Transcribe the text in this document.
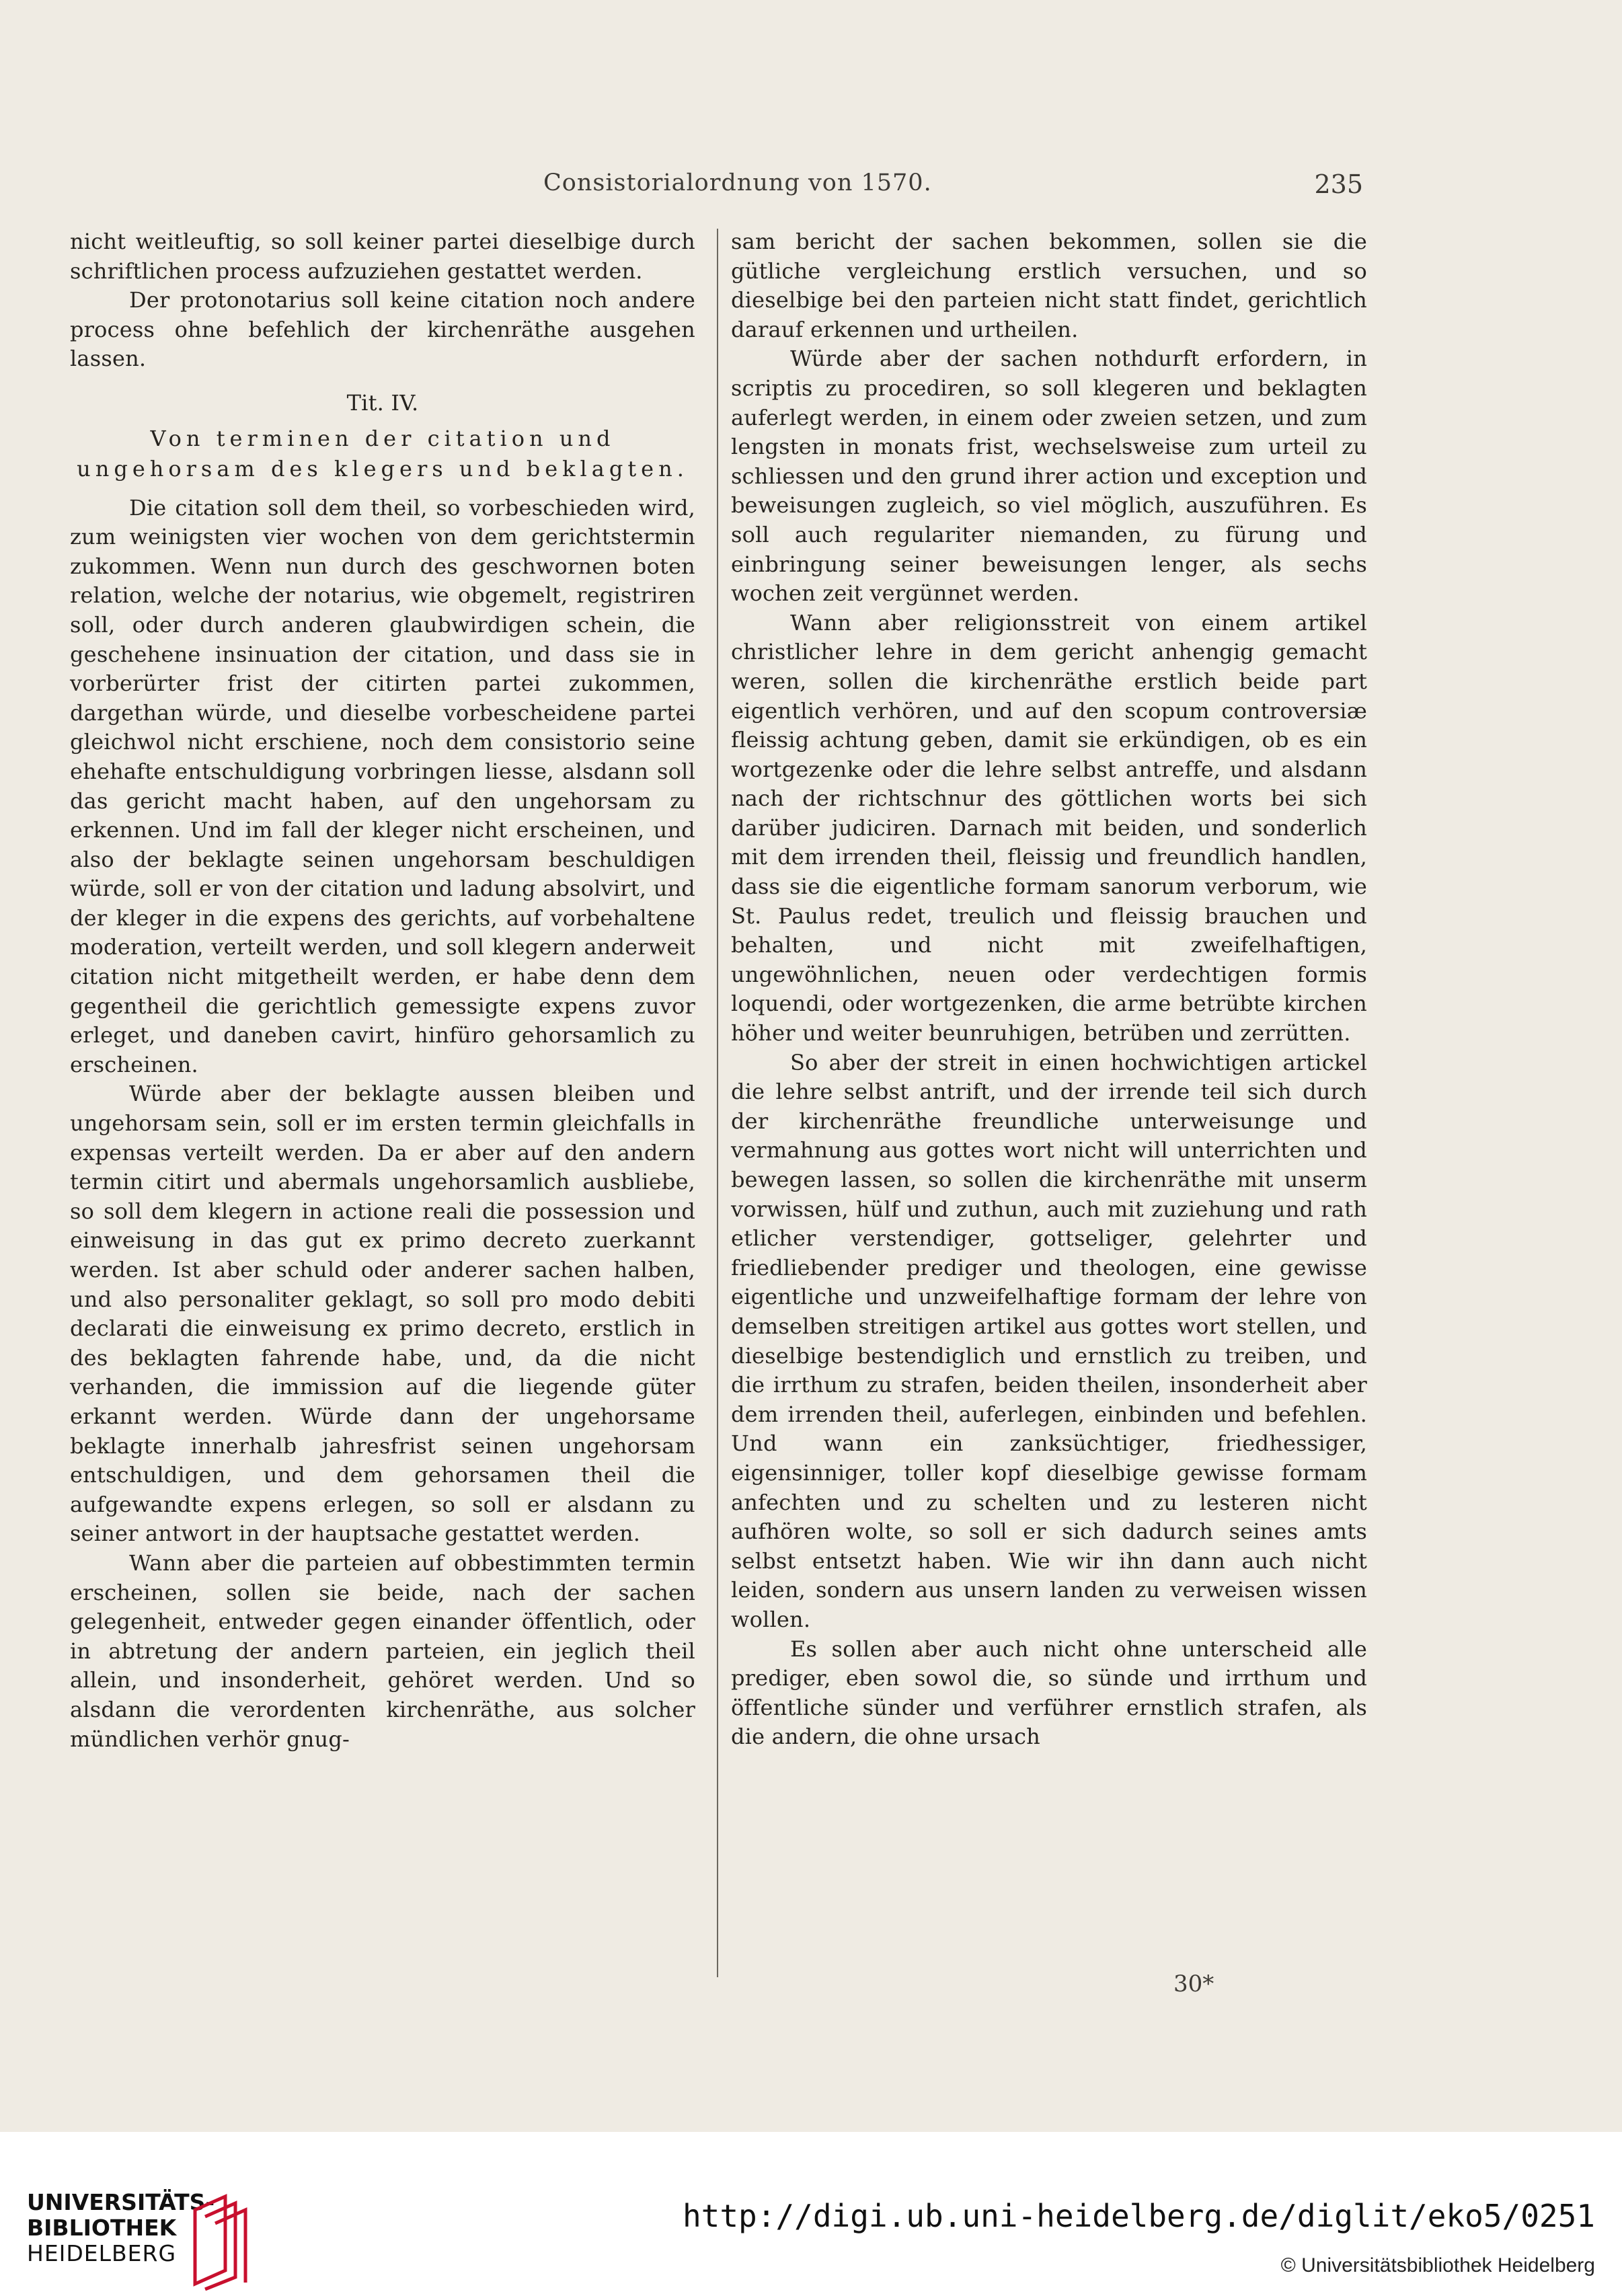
Consistorialordnung von 1570.	235

nicht weitleuftig, so soll keiner partei dieselbige durch schriftlichen process aufzuziehen gestattet werden.

Der protonotarius soll keine citation noch andere process ohne befehlich der kirchenräthe ausgehen lassen.

Tit. IV.
Von terminen der citation und ungehorsam des klegers und beklagten.

Die citation soll dem theil, so vorbeschieden wird, zum weinigsten vier wochen von dem gerichtstermin zukommen. Wenn nun durch des geschwornen boten relation, welche der notarius, wie obgemelt, registriren soll, oder durch anderen glaubwirdigen schein, die geschehene insinuation der citation, und dass sie in vorberürter frist der citirten partei zukommen, dargethan würde, und dieselbe vorbescheidene partei gleichwol nicht erschiene, noch dem consistorio seine ehehafte entschuldigung vorbringen liesse, alsdann soll das gericht macht haben, auf den ungehorsam zu erkennen. Und im fall der kleger nicht erscheinen, und also der beklagte seinen ungehorsam beschuldigen würde, soll er von der citation und ladung absolvirt, und der kleger in die expens des gerichts, auf vorbehaltene moderation, verteilt werden, und soll klegern anderweit citation nicht mitgetheilt werden, er habe denn dem gegentheil die gerichtlich gemessigte expens zuvor erleget, und daneben cavirt, hinfüro gehorsamlich zu erscheinen.

Würde aber der beklagte aussen bleiben und ungehorsam sein, soll er im ersten termin gleichfalls in expensas verteilt werden. Da er aber auf den andern termin citirt und abermals ungehorsamlich ausbliebe, so soll dem klegern in actione reali die possession und einweisung in das gut ex primo decreto zuerkannt werden. Ist aber schuld oder anderer sachen halben, und also personaliter geklagt, so soll pro modo debiti declarati die einweisung ex primo decreto, erstlich in des beklagten fahrende habe, und, da die nicht verhanden, die immission auf die liegende güter erkannt werden. Würde dann der ungehorsame beklagte innerhalb jahresfrist seinen ungehorsam entschuldigen, und dem gehorsamen theil die aufgewandte expens erlegen, so soll er alsdann zu seiner antwort in der hauptsache gestattet werden.

Wann aber die parteien auf obbestimmten termin erscheinen, sollen sie beide, nach der sachen gelegenheit, entweder gegen einander öffentlich, oder in abtretung der andern parteien, ein jeglich theil allein, und insonderheit, gehöret werden. Und so alsdann die verordenten kirchenräthe, aus solcher mündlichen verhör gnug-

sam bericht der sachen bekommen, sollen sie die gütliche vergleichung erstlich versuchen, und so dieselbige bei den parteien nicht statt findet, gerichtlich darauf erkennen und urtheilen.

Würde aber der sachen nothdurft erfordern, in scriptis zu procediren, so soll klegeren und beklagten auferlegt werden, in einem oder zweien setzen, und zum lengsten in monats frist, wechselsweise zum urteil zu schliessen und den grund ihrer action und exception und beweisungen zugleich, so viel möglich, auszuführen. Es soll auch regulariter niemanden, zu fürung und einbringung seiner beweisungen lenger, als sechs wochen zeit vergünnet werden.

Wann aber religionsstreit von einem artikel christlicher lehre in dem gericht anhengig gemacht weren, sollen die kirchenräthe erstlich beide part eigentlich verhören, und auf den scopum controversiæ fleissig achtung geben, damit sie erkündigen, ob es ein wortgezenke oder die lehre selbst antreffe, und alsdann nach der richtschnur des göttlichen worts bei sich darüber judiciren. Darnach mit beiden, und sonderlich mit dem irrenden theil, fleissig und freundlich handlen, dass sie die eigentliche formam sanorum verborum, wie St. Paulus redet, treulich und fleissig brauchen und behalten, und nicht mit zweifelhaftigen, ungewöhnlichen, neuen oder verdechtigen formis loquendi, oder wortgezenken, die arme betrübte kirchen höher und weiter beunruhigen, betrüben und zerrütten.

So aber der streit in einen hochwichtigen artickel die lehre selbst antrift, und der irrende teil sich durch der kirchenräthe freundliche unterweisunge und vermahnung aus gottes wort nicht will unterrichten und bewegen lassen, so sollen die kirchenräthe mit unserm vorwissen, hülf und zuthun, auch mit zuziehung und rath etlicher verstendiger, gottseliger, gelehrter und friedliebender prediger und theologen, eine gewisse eigentliche und unzweifelhaftige formam der lehre von demselben streitigen artikel aus gottes wort stellen, und dieselbige bestendiglich und ernstlich zu treiben, und die irrthum zu strafen, beiden theilen, insonderheit aber dem irrenden theil, auferlegen, einbinden und befehlen. Und wann ein zanksüchtiger, friedhessiger, eigensinniger, toller kopf dieselbige gewisse formam anfechten und zu schelten und zu lesteren nicht aufhören wolte, so soll er sich dadurch seines amts selbst entsetzt haben. Wie wir ihn dann auch nicht leiden, sondern aus unsern landen zu verweisen wissen wollen.

Es sollen aber auch nicht ohne unterscheid alle prediger, eben sowol die, so sünde und irrthum und öffentliche sünder und verführer ernstlich strafen, als die andern, die ohne ursach

30*
UNIVERSITÄTS-
BIBLIOTHEK
HEIDELBERG
http://digi.ub.uni-heidelberg.de/diglit/eko5/0251
© Universitätsbibliothek Heidelberg
